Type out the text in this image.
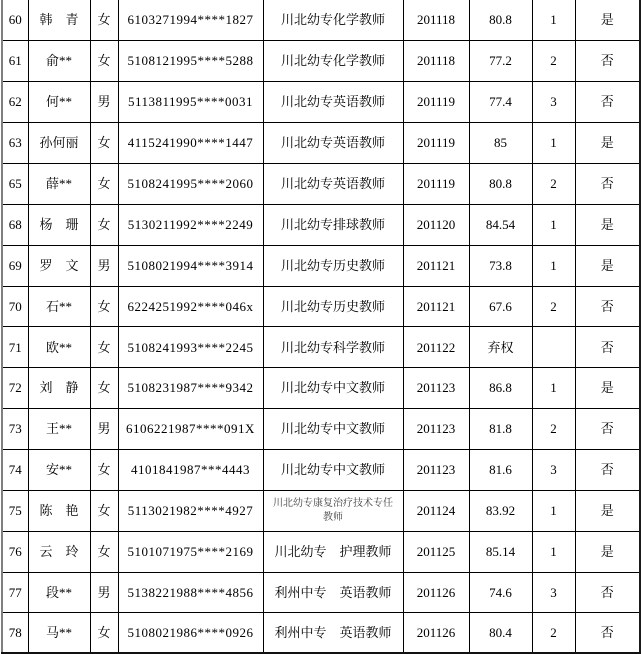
60	韩　青	女	6103271994****1827	川北幼专化学教师	201118	80.8	1	是
61	俞**	女	5108121995****5288	川北幼专化学教师	201118	77.2	2	否
62	何**	男	5113811995****0031	川北幼专英语教师	201119	77.4	3	否
63	孙何丽	女	4115241990****1447	川北幼专英语教师	201119	85	1	是
65	薛**	女	5108241995****2060	川北幼专英语教师	201119	80.8	2	否
68	杨　珊	女	5130211992****2249	川北幼专排球教师	201120	84.54	1	是
69	罗　文	男	5108021994****3914	川北幼专历史教师	201121	73.8	1	是
70	石**	女	6224251992****046x	川北幼专历史教师	201121	67.6	2	否
71	欧**	女	5108241993****2245	川北幼专科学教师	201122	弃权		否
72	刘　静	女	5108231987****9342	川北幼专中文教师	201123	86.8	1	是
73	王**	男	6106221987****091X	川北幼专中文教师	201123	81.8	2	否
74	安**	女	4101841987***4443	川北幼专中文教师	201123	81.6	3	否
75	陈　艳	女	5113021982****4927	川北幼专康复治疗技术专任教师	201124	83.92	1	是
76	云　玲	女	5101071975****2169	川北幼专　护理教师	201125	85.14	1	是
77	段**	男	5138221988****4856	利州中专　英语教师	201126	74.6	3	否
78	马**	女	5108021986****0926	利州中专　英语教师	201126	80.4	2	否
